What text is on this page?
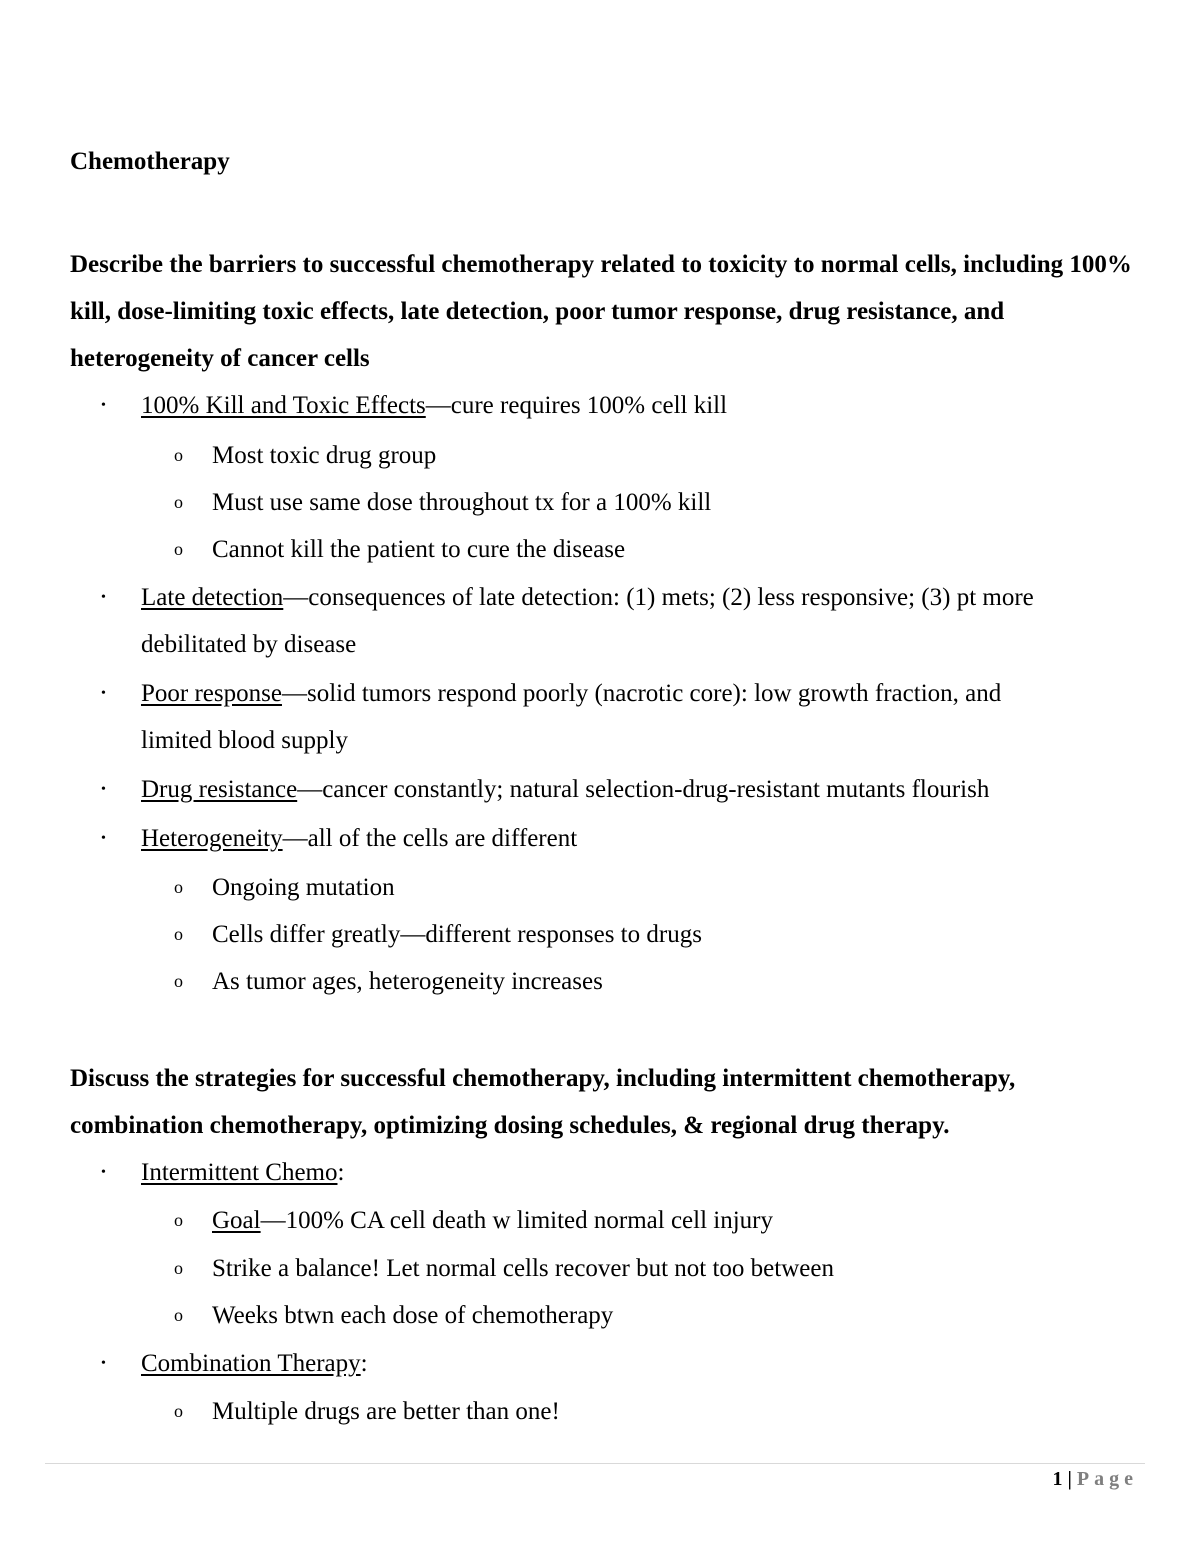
Chemotherapy

Describe the barriers to successful chemotherapy related to toxicity to normal cells, including 100% kill, dose-limiting toxic effects, late detection, poor tumor response, drug resistance, and heterogeneity of cancer cells

•	100% Kill and Toxic Effects—cure requires 100% cell kill

o	Most toxic drug group

o	Must use same dose throughout tx for a 100% kill

o	Cannot kill the patient to cure the disease

•	Late detection—consequences of late detection: (1) mets; (2) less responsive; (3) pt more

debilitated by disease

•	Poor response—solid tumors respond poorly (nacrotic core): low growth fraction, and

limited blood supply

•	Drug resistance—cancer constantly; natural selection-drug-resistant mutants flourish

•	Heterogeneity—all of the cells are different

o	Ongoing mutation

o	Cells differ greatly—different responses to drugs

o	As tumor ages, heterogeneity increases

Discuss the strategies for successful chemotherapy, including intermittent chemotherapy, combination chemotherapy, optimizing dosing schedules, & regional drug therapy.

•	Intermittent Chemo:

o	Goal—100% CA cell death w limited normal cell injury

o	Strike a balance! Let normal cells recover but not too between

o	Weeks btwn each dose of chemotherapy

•	Combination Therapy:

o	Multiple drugs are better than one!

1 | Page
